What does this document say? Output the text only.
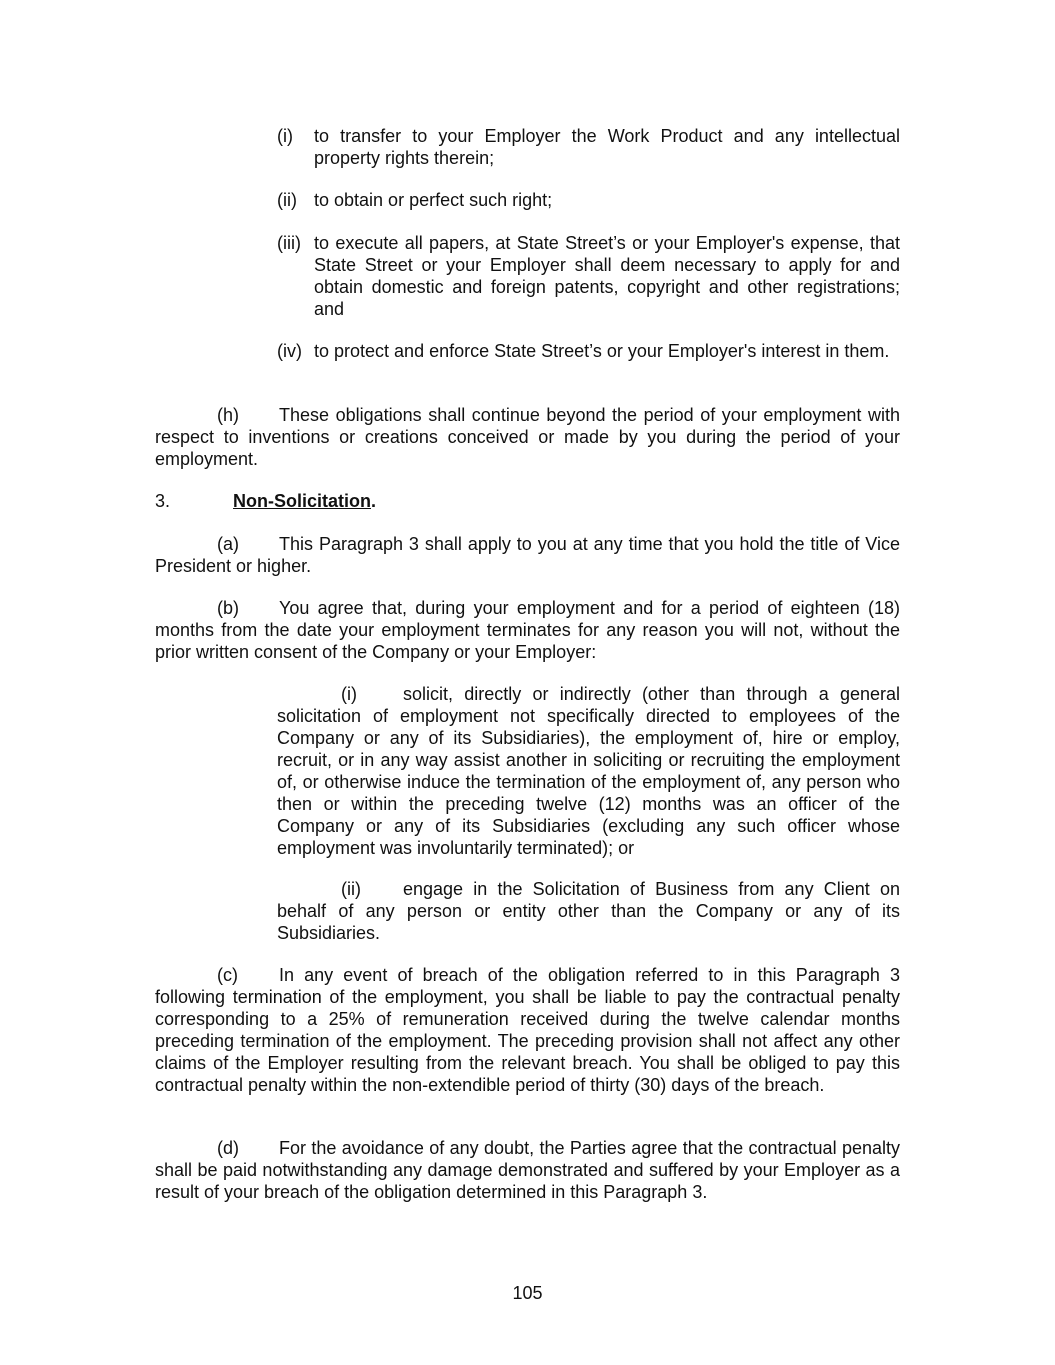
(i) to transfer to your Employer the Work Product and any intellectual property rights therein;
(ii) to obtain or perfect such right;
(iii) to execute all papers, at State Street’s or your Employer's expense, that State Street or your Employer shall deem necessary to apply for and obtain domestic and foreign patents, copyright and other registrations; and
(iv) to protect and enforce State Street’s or your Employer's interest in them.
(h) These obligations shall continue beyond the period of your employment with respect to inventions or creations conceived or made by you during the period of your employment.
3.	Non-Solicitation.
(a) This Paragraph 3 shall apply to you at any time that you hold the title of Vice President or higher.
(b) You agree that, during your employment and for a period of eighteen (18) months from the date your employment terminates for any reason you will not, without the prior written consent of the Company or your Employer:
(i)	solicit, directly or indirectly (other than through a general solicitation of employment not specifically directed to employees of the Company or any of its Subsidiaries), the employment of, hire or employ, recruit, or in any way assist another in soliciting or recruiting the employment of, or otherwise induce the termination of the employment of, any person who then or within the preceding twelve (12) months was an officer of the Company or any of its Subsidiaries (excluding any such officer whose employment was involuntarily terminated); or
(ii) engage in the Solicitation of Business from any Client on behalf of any person or entity other than the Company or any of its Subsidiaries.
(c) In any event of breach of the obligation referred to in this Paragraph 3 following termination of the employment, you shall be liable to pay the contractual penalty corresponding to a 25% of remuneration received during the twelve calendar months preceding termination of the employment. The preceding provision shall not affect any other claims of the Employer resulting from the relevant breach. You shall be obliged to pay this contractual penalty within the non-extendible period of thirty (30) days of the breach.
(d) For the avoidance of any doubt, the Parties agree that the contractual penalty shall be paid notwithstanding any damage demonstrated and suffered by your Employer as a result of your breach of the obligation determined in this Paragraph 3.
105
